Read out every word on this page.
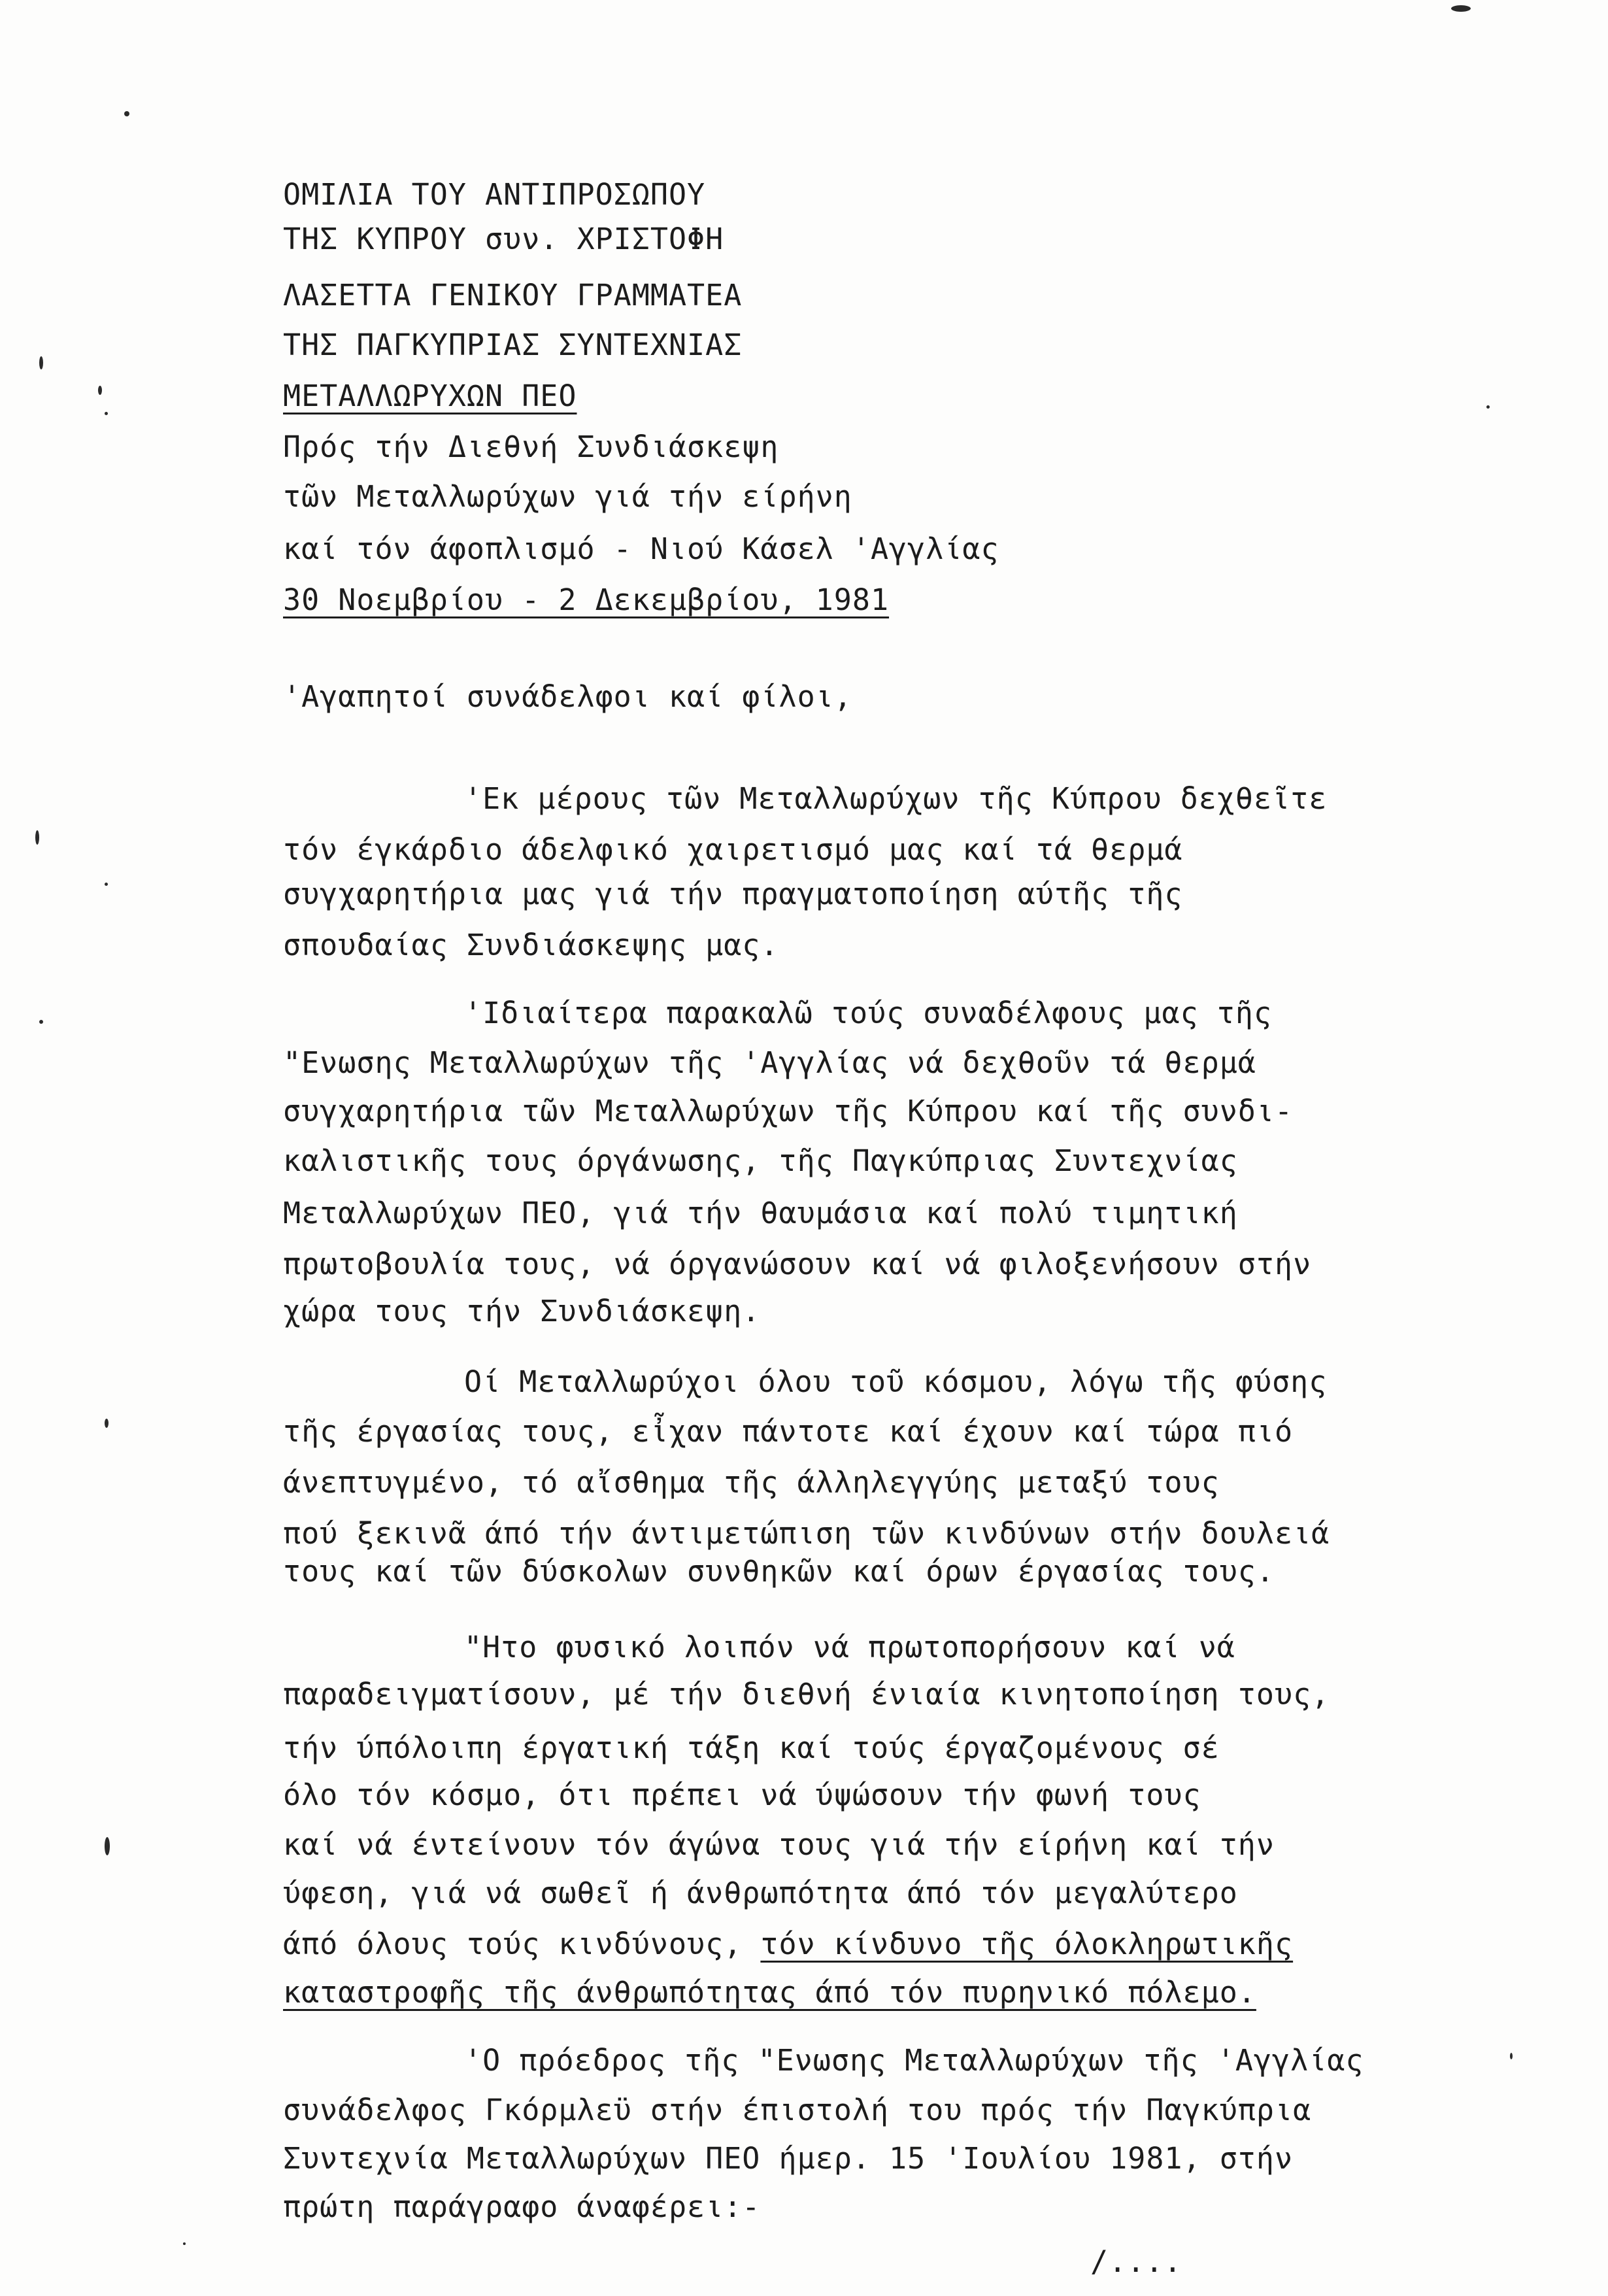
ΟΜΙΛΙΑ ΤΟΥ ΑΝΤΙΠΡΟΣΩΠΟΥ
ΤΗΣ ΚΥΠΡΟΥ συν. ΧΡΙΣΤΟΦΗ
ΛΑΣΕΤΤΑ ΓΕΝΙΚΟΥ ΓΡΑΜΜΑΤΕΑ
ΤΗΣ ΠΑΓΚΥΠΡΙΑΣ ΣΥΝΤΕΧΝΙΑΣ
ΜΕΤΑΛΛΩΡΥΧΩΝ ΠΕΟ
Πρός τήν Διεθνή Συνδιάσκεψη
τῶν Μεταλλωρύχων γιά τήν είρήνη
καί τόν άφοπλισμό - Νιού Κάσελ 'Αγγλίας
30 Νοεμβρίου - 2 Δεκεμβρίου, 1981
'Αγαπητοί συνάδελφοι καί φίλοι,
'Εκ μέρους τῶν Μεταλλωρύχων τῆς Κύπρου δεχθεῖτε
τόν έγκάρδιο άδελφικό χαιρετισμό μας καί τά θερμά
συγχαρητήρια μας γιά τήν πραγματοποίηση αύτῆς τῆς
σπουδαίας Συνδιάσκεψης μας.
'Ιδιαίτερα παρακαλῶ τούς συναδέλφους μας τῆς
"Ενωσης Μεταλλωρύχων τῆς 'Αγγλίας νά δεχθοῦν τά θερμά
συγχαρητήρια τῶν Μεταλλωρύχων τῆς Κύπρου καί τῆς συνδι-
καλιστικῆς τους όργάνωσης, τῆς Παγκύπριας Συντεχνίας
Μεταλλωρύχων ΠΕΟ, γιά τήν θαυμάσια καί πολύ τιμητική
πρωτοβουλία τους, νά όργανώσουν καί νά φιλοξενήσουν στήν
χώρα τους τήν Συνδιάσκεψη.
Οί Μεταλλωρύχοι όλου τοῦ κόσμου, λόγω τῆς φύσης
τῆς έργασίας τους, εἶχαν πάντοτε καί έχουν καί τώρα πιό
άνεπτυγμένο, τό αἴσθημα τῆς άλληλεγγύης μεταξύ τους
πού ξεκινᾶ άπό τήν άντιμετώπιση τῶν κινδύνων στήν δουλειά
τους καί τῶν δύσκολων συνθηκῶν καί όρων έργασίας τους.
"Ητο φυσικό λοιπόν νά πρωτοπορήσουν καί νά
παραδειγματίσουν, μέ τήν διεθνή ένιαία κινητοποίηση τους,
τήν ύπόλοιπη έργατική τάξη καί τούς έργαζομένους σέ
όλο τόν κόσμο, ότι πρέπει νά ύψώσουν τήν φωνή τους
καί νά έντείνουν τόν άγώνα τους γιά τήν είρήνη καί τήν
ύφεση, γιά νά σωθεῖ ή άνθρωπότητα άπό τόν μεγαλύτερο
άπό όλους τούς κινδύνους, τόν κίνδυνο τῆς όλοκληρωτικῆς
καταστροφῆς τῆς άνθρωπότητας άπό τόν πυρηνικό πόλεμο.
'Ο πρόεδρος τῆς "Ενωσης Μεταλλωρύχων τῆς 'Αγγλίας
συνάδελφος Γκόρμλεϋ στήν έπιστολή του πρός τήν Παγκύπρια
Συντεχνία Μεταλλωρύχων ΠΕΟ ήμερ. 15 'Ιουλίου 1981, στήν
πρώτη παράγραφο άναφέρει:-
/....
